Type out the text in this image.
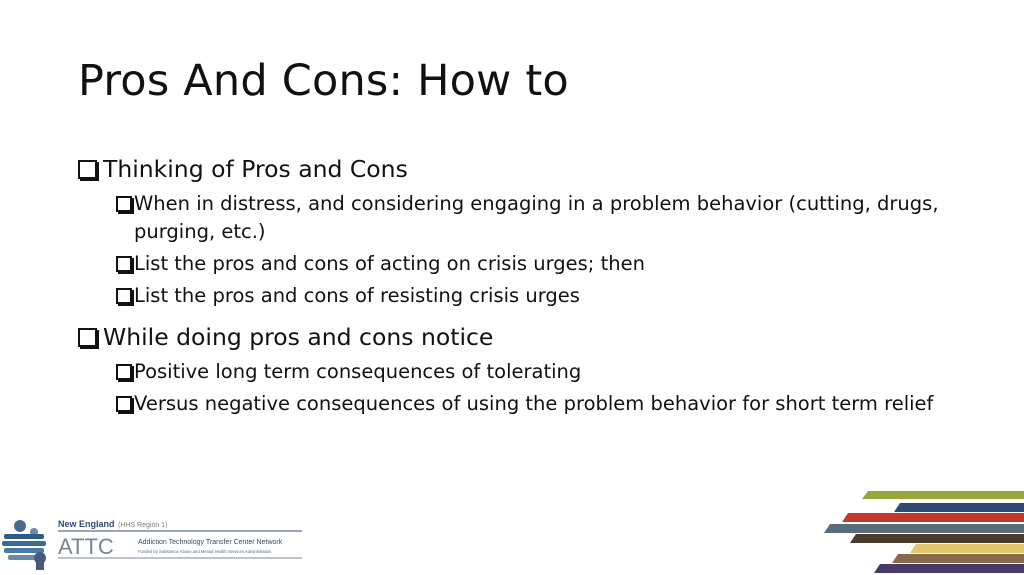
Pros And Cons: How to
Thinking of Pros and Cons
When in distress, and considering engaging in a problem behavior (cutting, drugs, purging, etc.)
List the pros and cons of acting on crisis urges; then
List the pros and cons of resisting crisis urges
While doing pros and cons notice
Positive long term consequences of tolerating
Versus negative consequences of using the problem behavior for short term relief
New England (HHS Region 1)
ATTC	Addiction Technology Transfer Center Network
Funded by Substance Abuse and Mental Health Services Administration
